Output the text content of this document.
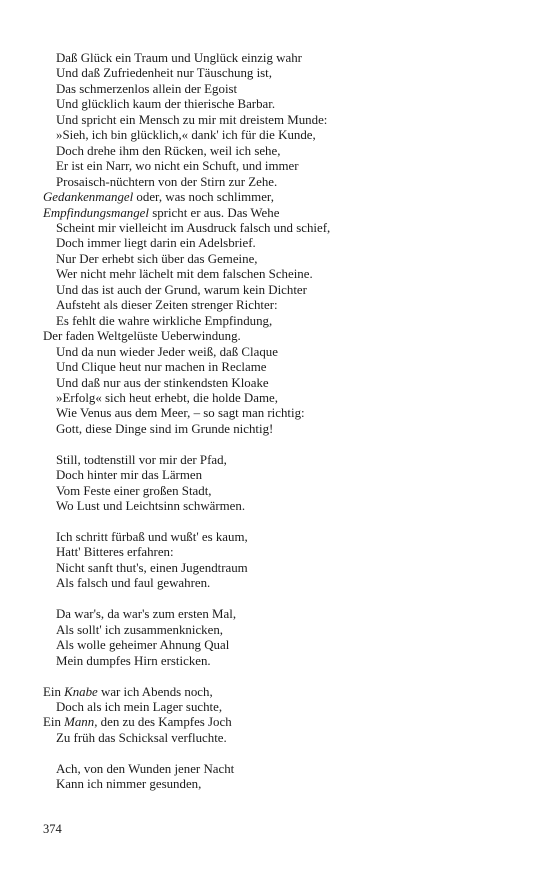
Daß Glück ein Traum und Unglück einzig wahr
Und daß Zufriedenheit nur Täuschung ist,
Das schmerzenlos allein der Egoist
Und glücklich kaum der thierische Barbar.
Und spricht ein Mensch zu mir mit dreistem Munde:
»Sieh, ich bin glücklich,« dank' ich für die Kunde,
Doch drehe ihm den Rücken, weil ich sehe,
Er ist ein Narr, wo nicht ein Schuft, und immer
Prosaisch-nüchtern von der Stirn zur Zehe.
Gedankenmangel oder, was noch schlimmer,
Empfindungsmangel spricht er aus. Das Wehe
Scheint mir vielleicht im Ausdruck falsch und schief,
Doch immer liegt darin ein Adelsbrief.
Nur Der erhebt sich über das Gemeine,
Wer nicht mehr lächelt mit dem falschen Scheine.
Und das ist auch der Grund, warum kein Dichter
Aufsteht als dieser Zeiten strenger Richter:
Es fehlt die wahre wirkliche Empfindung,
Der faden Weltgelüste Ueberwindung.
Und da nun wieder Jeder weiß, daß Claque
Und Clique heut nur machen in Reclame
Und daß nur aus der stinkendsten Kloake
»Erfolg« sich heut erhebt, die holde Dame,
Wie Venus aus dem Meer, – so sagt man richtig:
Gott, diese Dinge sind im Grunde nichtig!
Still, todtenstill vor mir der Pfad,
Doch hinter mir das Lärmen
Vom Feste einer großen Stadt,
Wo Lust und Leichtsinn schwärmen.
Ich schritt fürbaß und wußt' es kaum,
Hatt' Bitteres erfahren:
Nicht sanft thut's, einen Jugendtraum
Als falsch und faul gewahren.
Da war's, da war's zum ersten Mal,
Als sollt' ich zusammenknicken,
Als wolle geheimer Ahnung Qual
Mein dumpfes Hirn ersticken.
Ein Knabe war ich Abends noch,
Doch als ich mein Lager suchte,
Ein Mann, den zu des Kampfes Joch
Zu früh das Schicksal verfluchte.
Ach, von den Wunden jener Nacht
Kann ich nimmer gesunden,
374
